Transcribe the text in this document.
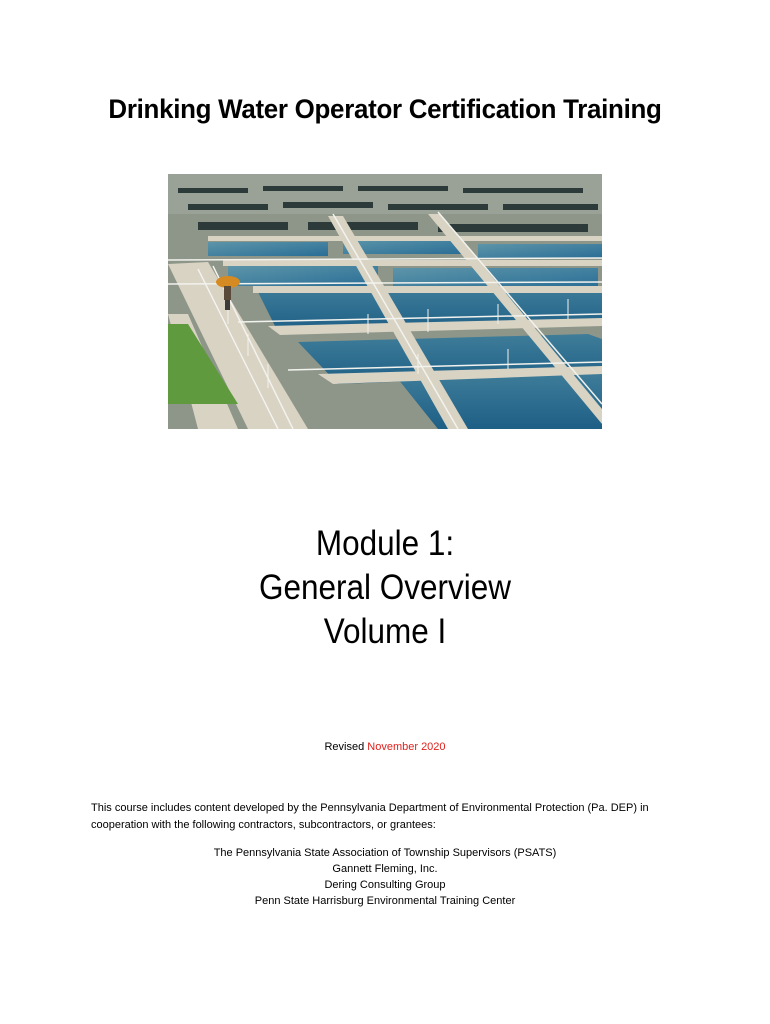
Drinking Water Operator Certification Training
Module 1:
General Overview
Volume I
Revised November 2020
This course includes content developed by the Pennsylvania Department of Environmental Protection (Pa. DEP) in cooperation with the following contractors, subcontractors, or grantees:
The Pennsylvania State Association of Township Supervisors (PSATS)
Gannett Fleming, Inc.
Dering Consulting Group
Penn State Harrisburg Environmental Training Center
